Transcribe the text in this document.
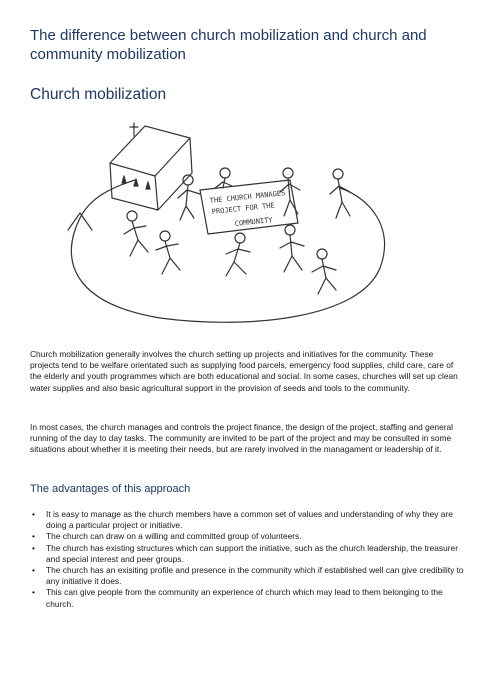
The difference between church mobilization and church and community mobilization
Church mobilization
THE CHURCH MANAGES
PROJECT FOR THE
COMMUNITY

Church mobilization generally involves the church setting up projects and initiatives for the community. These projects tend to be welfare orientated such as supplying food parcels, emergency food supplies, child care, care of the elderly and youth programmes which are both educational and social. In some cases, churches will set up clean water supplies and also basic agricultural support in the provision of seeds and tools to the community.

In most cases, the church manages and controls the project finance, the design of the project, staffing and general running of the day to day tasks. The community are invited to be part of the project and may be consulted in some situations about whether it is meeting their needs, but are rarely involved in the managament or leadership of it.

The advantages of this approach
• It is easy to manage as the church members have a common set of values and understanding of why they are doing a particular project or initiative.
• The church can draw on a willing and committed group of volunteers.
• The church has existing structures which can support the initiative, such as the church leadership, the treasurer and special interest and peer groups.
• The church has an exisiting profile and presence in the community which if established well can give credibility to any initiative it does.
• This can give people from the community an experience of church which may lead to them belonging to the church.
